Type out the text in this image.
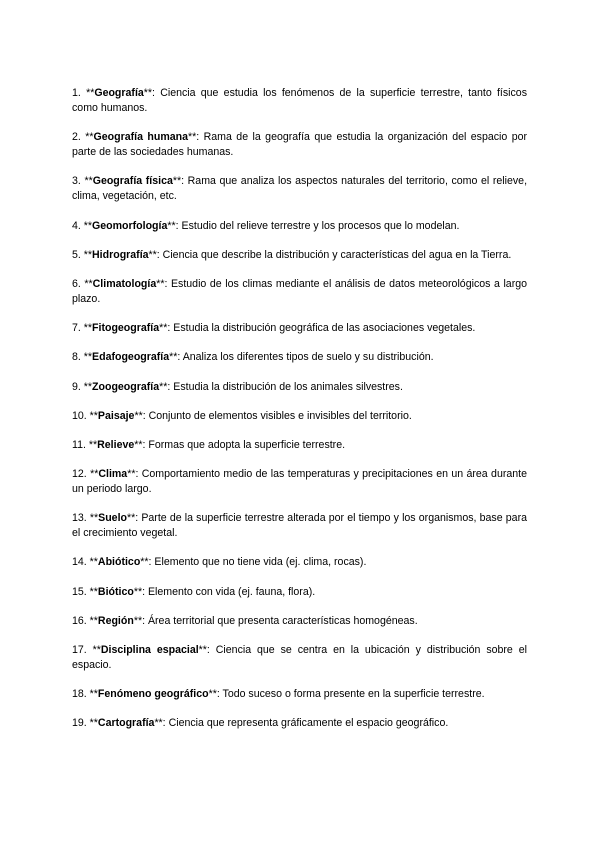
1. **Geografía**: Ciencia que estudia los fenómenos de la superficie terrestre, tanto físicos como humanos.

2. **Geografía humana**: Rama de la geografía que estudia la organización del espacio por parte de las sociedades humanas.

3. **Geografía física**: Rama que analiza los aspectos naturales del territorio, como el relieve, clima, vegetación, etc.

4. **Geomorfología**: Estudio del relieve terrestre y los procesos que lo modelan.

5. **Hidrografía**: Ciencia que describe la distribución y características del agua en la Tierra.

6. **Climatología**: Estudio de los climas mediante el análisis de datos meteorológicos a largo plazo.

7. **Fitogeografía**: Estudia la distribución geográfica de las asociaciones vegetales.

8. **Edafogeografía**: Analiza los diferentes tipos de suelo y su distribución.

9. **Zoogeografía**: Estudia la distribución de los animales silvestres.

10. **Paisaje**: Conjunto de elementos visibles e invisibles del territorio.

11. **Relieve**: Formas que adopta la superficie terrestre.

12. **Clima**: Comportamiento medio de las temperaturas y precipitaciones en un área durante un periodo largo.

13. **Suelo**: Parte de la superficie terrestre alterada por el tiempo y los organismos, base para el crecimiento vegetal.

14. **Abiótico**: Elemento que no tiene vida (ej. clima, rocas).

15. **Biótico**: Elemento con vida (ej. fauna, flora).

16. **Región**: Área territorial que presenta características homogéneas.

17. **Disciplina espacial**: Ciencia que se centra en la ubicación y distribución sobre el espacio.

18. **Fenómeno geográfico**: Todo suceso o forma presente en la superficie terrestre.

19. **Cartografía**: Ciencia que representa gráficamente el espacio geográfico.
